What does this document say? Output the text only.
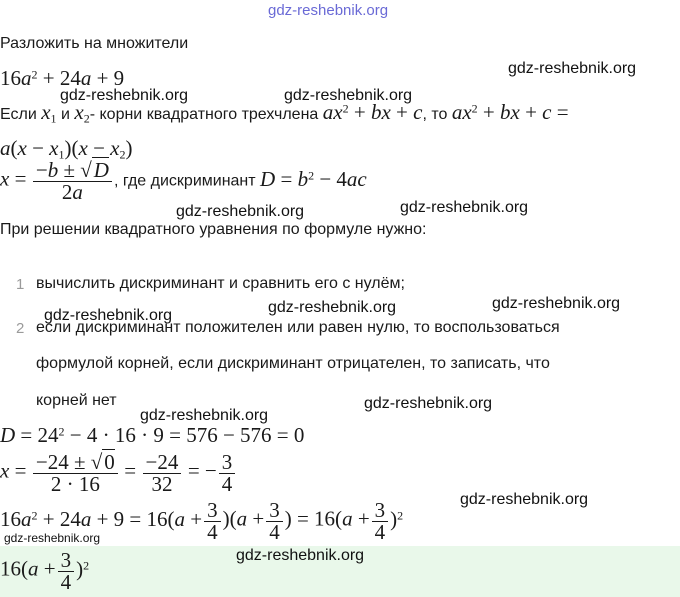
gdz-reshebnik.org
Разложить на множители
$16a^2 + 24a + 9$	gdz-reshebnik.org
gdz-reshebnik.org	gdz-reshebnik.org
Если $x_1$ и $x_2-$ корни квадратного трехчлена $ax^2$ + bx + c, то $ax^2$ + bx + c =
$a(x - x_1)(x - x_2)$
$x = \frac{-b \pm √D}{2a}$ , где дискриминант $D = b^2 - 4ac$
gdz-reshebnik.org	gdz-reshebnik.org
При решении квадратного уравнения по формуле нужно:
1 вычислить дискриминант и сравнить его с нулём;
gdz-reshebnik.org	gdz-reshebnik.org	gdz-reshebnik.org
2 если дискриминант положителен или равен нулю, то воспользоваться
формулой корней, если дискриминант отрицателен, то записать, что
корней нет
gdz-reshebnik.org
gdz-reshebnik.org
$D = 24^2 - 4 \cdot 16 \cdot 9 = 576 - 576 = 0$
$x = \frac{-24 \pm √0}{2 \cdot 16} = \frac{-24}{32}$ = − $\frac{3}{4}$
gdz-reshebnik.org
$16a^2 + 24a + 9 = 16(a + \frac{3}{4} )(a + \frac{3}{4}$ ) = $16(a + \frac{3}{4} )^2$
gdz-reshebnik.org
gdz-reshebnik.org
$16(a + \frac{3}{4} )^2$
